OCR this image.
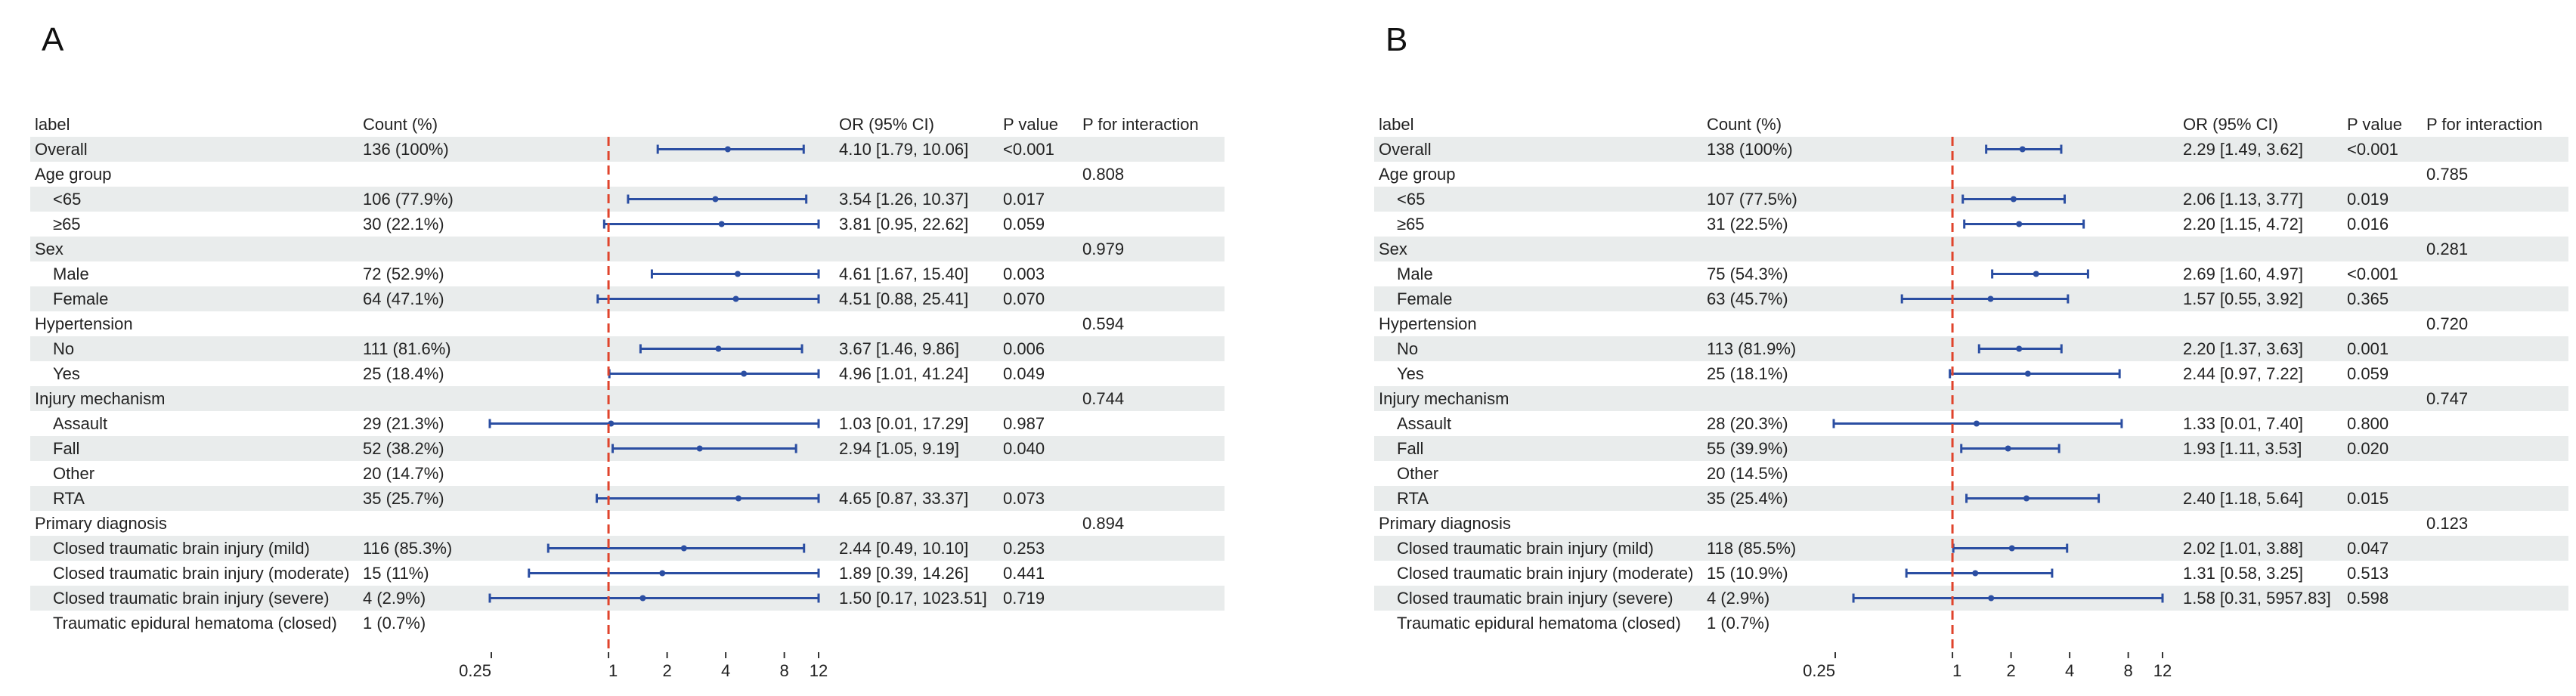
A
label	Count (%)	OR (95% CI)	P value P for interaction
Overall	136 (100%)	4.10 [1.79, 10.06] <0.001
Age group	0.808
<65	106 (77.9%)	3.54 [1.26, 10.37] 0.017
≥65	30 (22.1%)	3.81 [0.95, 22.62] 0.059
Sex	0.979
Male	72 (52.9%)	4.61 [1.67, 15.40] 0.003
Female	64 (47.1%)	4.51 [0.88, 25.41] 0.070
Hypertension	0.594
No	111 (81.6%)	3.67 [1.46, 9.86]	0.006
Yes	25 (18.4%)	4.96 [1.01, 41.24] 0.049
Injury mechanism	0.744
Assault	29 (21.3%)	1.03 [0.01, 17.29] 0.987
Fall	52 (38.2%)	2.94 [1.05, 9.19]	0.040
Other	20 (14.7%)
RTA	35 (25.7%)	4.65 [0.87, 33.37] 0.073
Primary diagnosis	0.894
Closed traumatic brain injury (mild)	116 (85.3%)	2.44 [0.49, 10.10] 0.253
Closed traumatic brain injury (moderate) 15 (11%)	1.89 [0.39, 14.26] 0.441
Closed traumatic brain injury (severe) 4 (2.9%)	1.50 [0.17, 1023.51] 0.719
Traumatic epidural hematoma (closed) 1 (0.7%)
0.25	1	2	4	8 12
B
label	Count (%)	OR (95% CI)	P value P for interaction
Overall	138 (100%)	2.29 [1.49, 3.62]	<0.001
Age group	0.785
<65	107 (77.5%)	2.06 [1.13, 3.77]	0.019
≥65	31 (22.5%)	2.20 [1.15, 4.72]	0.016
Sex	0.281
Male	75 (54.3%)	2.69 [1.60, 4.97]	<0.001
Female	63 (45.7%)	1.57 [0.55, 3.92]	0.365
Hypertension	0.720
No	113 (81.9%)	2.20 [1.37, 3.63]	0.001
Yes	25 (18.1%)	2.44 [0.97, 7.22]	0.059
Injury mechanism	0.747
Assault	28 (20.3%)	1.33 [0.01, 7.40]	0.800
Fall	55 (39.9%)	1.93 [1.11, 3.53]	0.020
Other	20 (14.5%)
RTA	35 (25.4%)	2.40 [1.18, 5.64]	0.015
Primary diagnosis	0.123
Closed traumatic brain injury (mild)	118 (85.5%)	2.02 [1.01, 3.88]	0.047
Closed traumatic brain injury (moderate) 15 (10.9%)	1.31 [0.58, 3.25]	0.513
Closed traumatic brain injury (severe) 4 (2.9%)	1.58 [0.31, 5957.83] 0.598
Traumatic epidural hematoma (closed) 1 (0.7%)
0.25	1	2	4	8 12
